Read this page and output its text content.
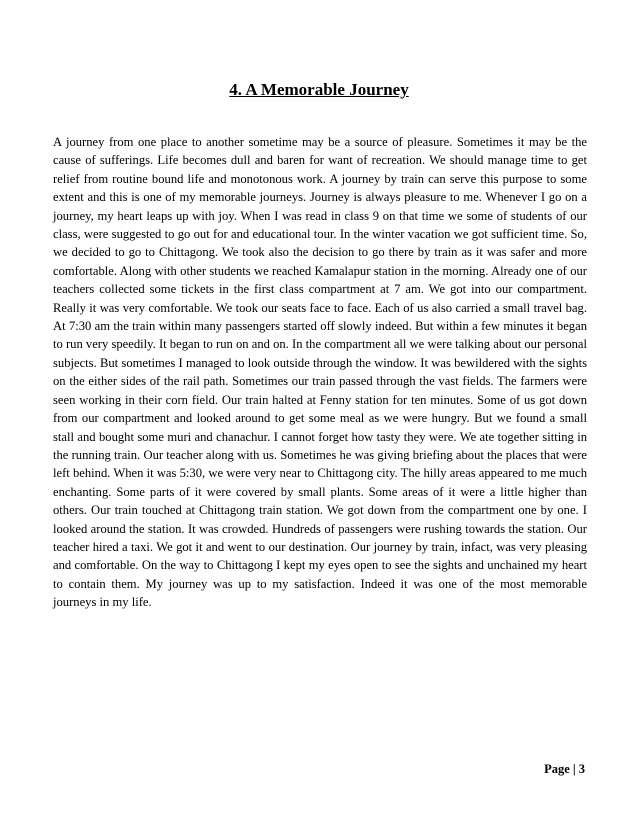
4. A Memorable Journey

A journey from one place to another sometime may be a source of pleasure. Sometimes it may be the cause of sufferings. Life becomes dull and baren for want of recreation. We should manage time to get relief from routine bound life and monotonous work. A journey by train can serve this purpose to some extent and this is one of my memorable journeys. Journey is always pleasure to me. Whenever I go on a journey, my heart leaps up with joy. When I was read in class 9 on that time we some of students of our class, were suggested to go out for and educational tour. In the winter vacation we got sufficient time. So, we decided to go to Chittagong. We took also the decision to go there by train as it was safer and more comfortable. Along with other students we reached Kamalapur station in the morning. Already one of our teachers collected some tickets in the first class compartment at 7 am. We got into our compartment. Really it was very comfortable. We took our seats face to face. Each of us also carried a small travel bag. At 7:30 am the train within many passengers started off slowly indeed. But within a few minutes it began to run very speedily. It began to run on and on. In the compartment all we were talking about our personal subjects. But sometimes I managed to look outside through the window. It was bewildered with the sights on the either sides of the rail path. Sometimes our train passed through the vast fields. The farmers were seen working in their corn field. Our train halted at Fenny station for ten minutes. Some of us got down from our compartment and looked around to get some meal as we were hungry. But we found a small stall and bought some muri and chanachur. I cannot forget how tasty they were. We ate together sitting in the running train. Our teacher along with us. Sometimes he was giving briefing about the places that were left behind. When it was 5:30, we were very near to Chittagong city. The hilly areas appeared to me much enchanting. Some parts of it were covered by small plants. Some areas of it were a little higher than others. Our train touched at Chittagong train station. We got down from the compartment one by one. I looked around the station. It was crowded. Hundreds of passengers were rushing towards the station. Our teacher hired a taxi. We got it and went to our destination. Our journey by train, infact, was very pleasing and comfortable. On the way to Chittagong I kept my eyes open to see the sights and unchained my heart to contain them. My journey was up to my satisfaction. Indeed it was one of the most memorable journeys in my life.

Page | 3
